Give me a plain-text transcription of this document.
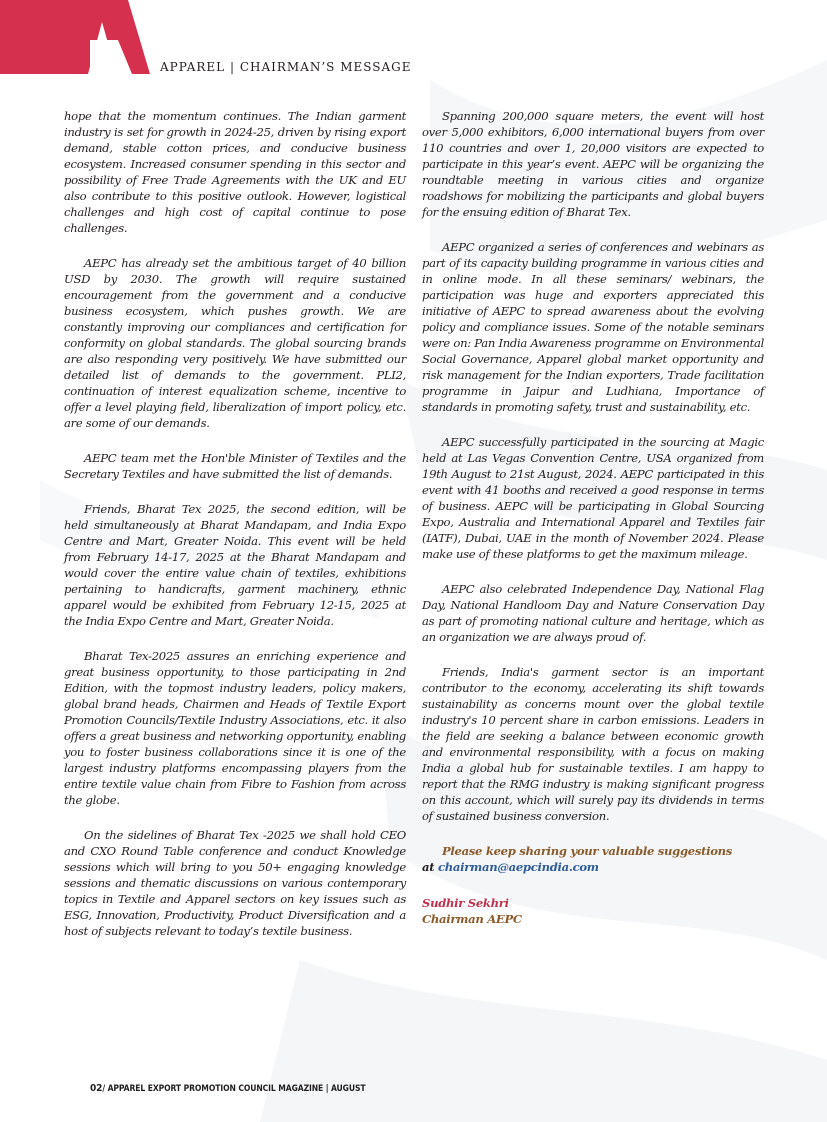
APPAREL | CHAIRMAN’S MESSAGE

hope that the momentum continues. The Indian garment industry is set for growth in 2024-25, driven by rising export demand, stable cotton prices, and conducive business ecosystem. Increased consumer spending in this sector and possibility of Free Trade Agreements with the UK and EU also contribute to this positive outlook. However, logistical challenges and high cost of capital continue to pose challenges.

AEPC has already set the ambitious target of 40 billion USD by 2030. The growth will require sustained encouragement from the government and a conducive business ecosystem, which pushes growth. We are constantly improving our compliances and certification for conformity on global standards. The global sourcing brands are also responding very positively. We have submitted our detailed list of demands to the government. PLI2, continuation of interest equalization scheme, incentive to offer a level playing field, liberalization of import policy, etc. are some of our demands.

AEPC team met the Hon'ble Minister of Textiles and the Secretary Textiles and have submitted the list of demands.

Friends, Bharat Tex 2025, the second edition, will be held simultaneously at Bharat Mandapam, and India Expo Centre and Mart, Greater Noida. This event will be held from February 14-17, 2025 at the Bharat Mandapam and would cover the entire value chain of textiles, exhibitions pertaining to handicrafts, garment machinery, ethnic apparel would be exhibited from February 12-15, 2025 at the India Expo Centre and Mart, Greater Noida.

Bharat Tex-2025 assures an enriching experience and great business opportunity, to those participating in 2nd Edition, with the topmost industry leaders, policy makers, global brand heads, Chairmen and Heads of Textile Export Promotion Councils/Textile Industry Associations, etc. it also offers a great business and networking opportunity, enabling you to foster business collaborations since it is one of the largest industry platforms encompassing players from the entire textile value chain from Fibre to Fashion from across the globe.

On the sidelines of Bharat Tex -2025 we shall hold CEO and CXO Round Table conference and conduct Knowledge sessions which will bring to you 50+ engaging knowledge sessions and thematic discussions on various contemporary topics in Textile and Apparel sectors on key issues such as ESG, Innovation, Productivity, Product Diversification and a host of subjects relevant to today’s textile business.

Spanning 200,000 square meters, the event will host over 5,000 exhibitors, 6,000 international buyers from over 110 countries and over 1, 20,000 visitors are expected to participate in this year’s event. AEPC will be organizing the roundtable meeting in various cities and organize roadshows for mobilizing the participants and global buyers for the ensuing edition of Bharat Tex.

AEPC organized a series of conferences and webinars as part of its capacity building programme in various cities and in online mode. In all these seminars/ webinars, the participation was huge and exporters appreciated this initiative of AEPC to spread awareness about the evolving policy and compliance issues. Some of the notable seminars were on: Pan India Awareness programme on Environmental Social Governance, Apparel global market opportunity and risk management for the Indian exporters, Trade facilitation programme in Jaipur and Ludhiana, Importance of standards in promoting safety, trust and sustainability, etc.

AEPC successfully participated in the sourcing at Magic held at Las Vegas Convention Centre, USA organized from 19th August to 21st August, 2024. AEPC participated in this event with 41 booths and received a good response in terms of business. AEPC will be participating in Global Sourcing Expo, Australia and International Apparel and Textiles fair (IATF), Dubai, UAE in the month of November 2024. Please make use of these platforms to get the maximum mileage.

AEPC also celebrated Independence Day, National Flag Day, National Handloom Day and Nature Conservation Day as part of promoting national culture and heritage, which as an organization we are always proud of.

Friends, India's garment sector is an important contributor to the economy, accelerating its shift towards sustainability as concerns mount over the global textile industry's 10 percent share in carbon emissions. Leaders in the field are seeking a balance between economic growth and environmental responsibility, with a focus on making India a global hub for sustainable textiles. I am happy to report that the RMG industry is making significant progress on this account, which will surely pay its dividends in terms of sustained business conversion.

Please keep sharing your valuable suggestions
at chairman@aepcindia.com

Sudhir Sekhri
Chairman AEPC
02/ APPAREL EXPORT PROMOTION COUNCIL MAGAZINE | AUGUST
